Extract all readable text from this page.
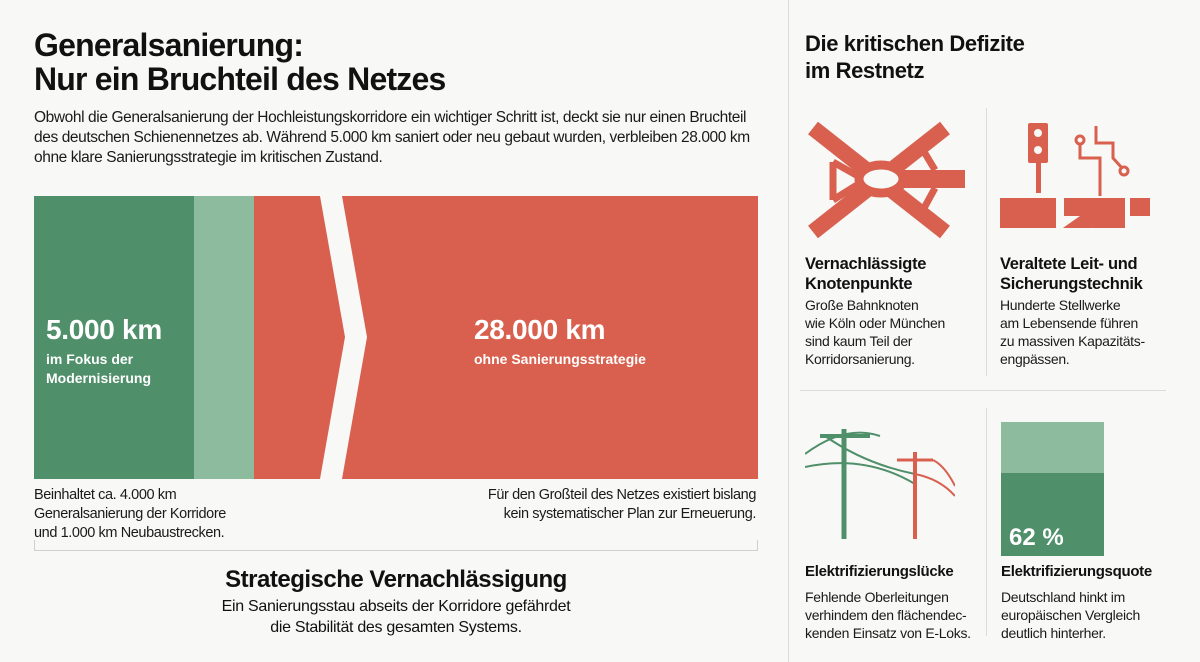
Generalsanierung:
Nur ein Bruchteil des Netzes
Obwohl die Generalsanierung der Hochleistungskorridore ein wichtiger Schritt ist, deckt sie nur einen Bruchteil des deutschen Schienennetzes ab. Während 5.000 km saniert oder neu gebaut wurden, verbleiben 28.000 km ohne klare Sanierungsstrategie im kritischen Zustand.
5.000 km
im Fokus der
Modernisierung
28.000 km
ohne Sanierungsstrategie
Beinhaltet ca. 4.000 km
Generalsanierung der Korridore
und 1.000 km Neubaustrecken.
Für den Großteil des Netzes existiert bislang
kein systematischer Plan zur Erneuerung.
Strategische Vernachlässigung
Ein Sanierungsstau abseits der Korridore gefährdet
die Stabilität des gesamten Systems.
Die kritischen Defizite
im Restnetz
Vernachlässigte
Knotenpunkte
Große Bahnknoten
wie Köln oder München
sind kaum Teil der
Korridorsanierung.
Veraltete Leit- und
Sicherungstechnik
Hunderte Stellwerke
am Lebensende führen
zu massiven Kapazitäts-
engpässen.
Elektrifizierungslücke
Fehlende Oberleitungen
verhindem den flächendec-
kenden Einsatz von E-Loks.
62 %
Elektrifizierungsquote
Deutschland hinkt im
europäischen Vergleich
deutlich hinterher.
